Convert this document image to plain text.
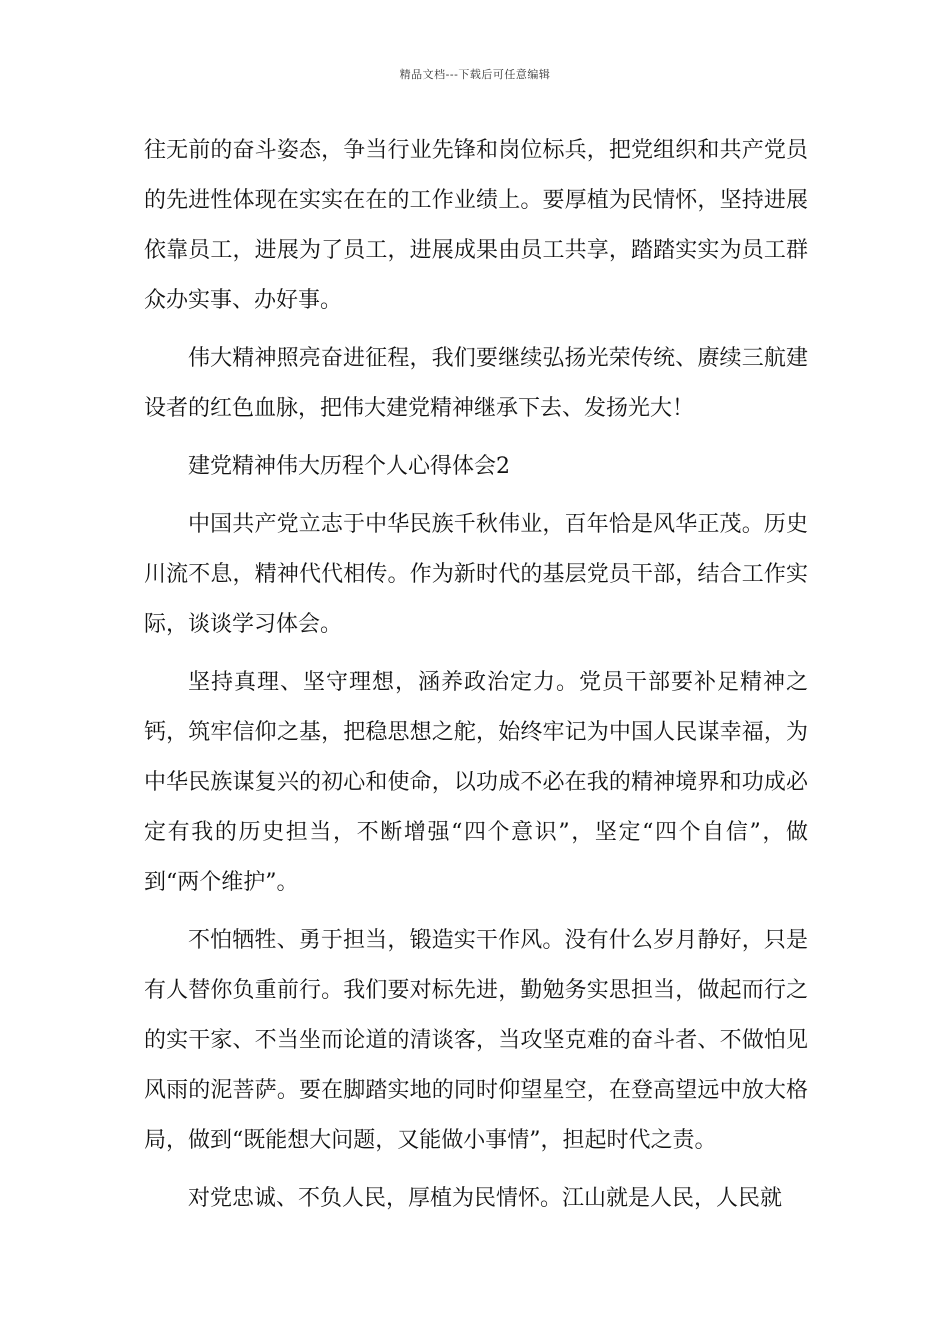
精品文档---下载后可任意编辑

往无前的奋斗姿态，争当行业先锋和岗位标兵，把党组织和共产党员的先进性体现在实实在在的工作业绩上。要厚植为民情怀，坚持进展依靠员工，进展为了员工，进展成果由员工共享，踏踏实实为员工群众办实事、办好事。

伟大精神照亮奋进征程，我们要继续弘扬光荣传统、赓续三航建设者的红色血脉，把伟大建党精神继承下去、发扬光大！

建党精神伟大历程个人心得体会2

中国共产党立志于中华民族千秋伟业，百年恰是风华正茂。历史川流不息，精神代代相传。作为新时代的基层党员干部，结合工作实际，谈谈学习体会。

坚持真理、坚守理想，涵养政治定力。党员干部要补足精神之钙，筑牢信仰之基，把稳思想之舵，始终牢记为中国人民谋幸福，为中华民族谋复兴的初心和使命，以功成不必在我的精神境界和功成必定有我的历史担当，不断增强“四个意识”，坚定“四个自信”，做到“两个维护”。

不怕牺牲、勇于担当，锻造实干作风。没有什么岁月静好，只是有人替你负重前行。我们要对标先进，勤勉务实思担当，做起而行之的实干家、不当坐而论道的清谈客，当攻坚克难的奋斗者、不做怕见风雨的泥菩萨。要在脚踏实地的同时仰望星空，在登高望远中放大格局，做到“既能想大问题，又能做小事情”，担起时代之责。

对党忠诚、不负人民，厚植为民情怀。江山就是人民，人民就
